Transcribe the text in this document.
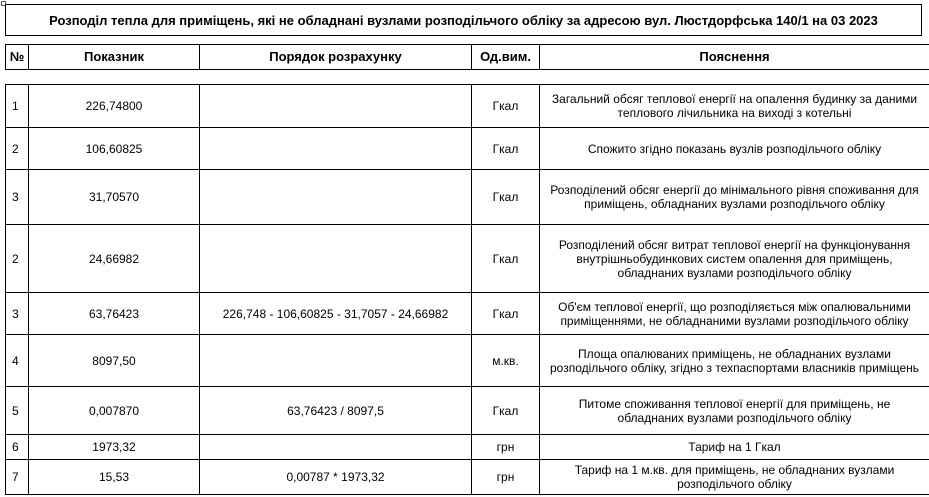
Розподіл тепла для приміщень, які не обладнані вузлами розподільчого обліку за адресою вул. Люстдорфська 140/1 на 03 2023
№	Показник	Порядок розрахунку	Од.вим.	Пояснення

1	226,74800		Гкал	Загальний обсяг теплової енергії на опалення будинку за даними
теплового лічильника на виході з котельні

2	106,60825		Гкал	Спожито згідно показань вузлів розподільчого обліку

3	31,70570		Гкал	Розподілений обсяг енергії до мінімального рівня споживання для
приміщень, обладнаних вузлами розподільчого обліку

2	24,66982		Гкал	Розподілений обсяг витрат теплової енергії на функціонування
внутрішньобудинкових систем опалення для приміщень,
обладнаних вузлами розподільчого обліку

3	63,76423	226,748 - 106,60825 - 31,7057 - 24,66982	Гкал	Об'єм теплової енергії, що розподіляється між опалювальними
приміщеннями, не обладнаними вузлами розподільчого обліку

4	8097,50		м.кв.	Площа опалюваних приміщень, не обладнаних вузлами
розподільчого обліку, згідно з техпаспортами власників приміщень

5	0,007870	63,76423 / 8097,5	Гкал	Питоме споживання теплової енергії для приміщень, не
обладнаних вузлами розподільчого обліку

6	1973,32		грн	Тариф на 1 Гкал

7	15,53	0,00787 * 1973,32	грн	Тариф на 1 м.кв. для приміщень, не обладнаних вузлами
розподільчого обліку
